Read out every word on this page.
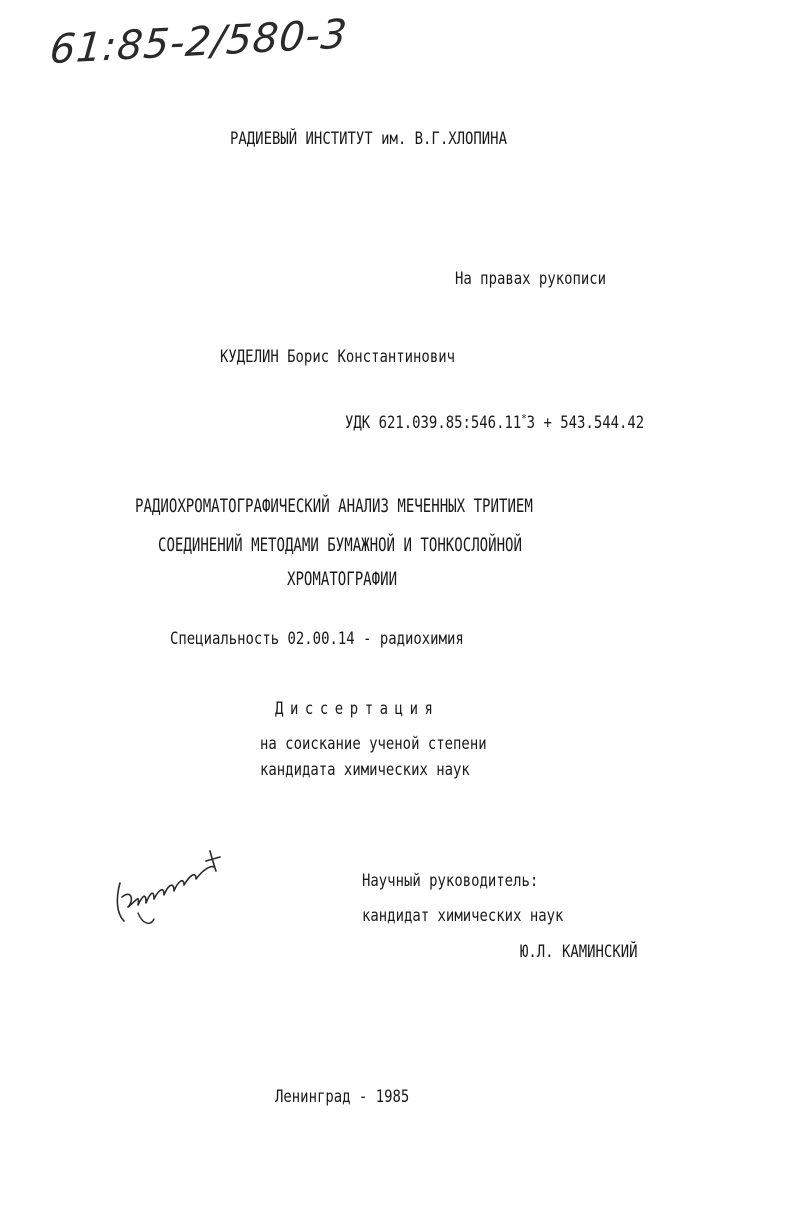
61:85-2/580-3
РАДИЕВЫЙ ИНСТИТУТ им. В.Г.ХЛОПИНА
На правах рукописи
КУДЕЛИН Борис Константинович
УДК 621.039.85:546.11*3 + 543.544.42
РАДИОХРОМАТОГРАФИЧЕСКИЙ АНАЛИЗ МЕЧЕННЫХ ТРИТИЕМ
СОЕДИНЕНИЙ МЕТОДАМИ БУМАЖНОЙ И ТОНКОСЛОЙНОЙ
ХРОМАТОГРАФИИ
Специальность 02.00.14 - радиохимия
Диссертация
на соискание ученой степени
кандидата химических наук
Научный руководитель:
кандидат химических наук
Ю.Л. КАМИНСКИЙ
Ленинград - 1985
